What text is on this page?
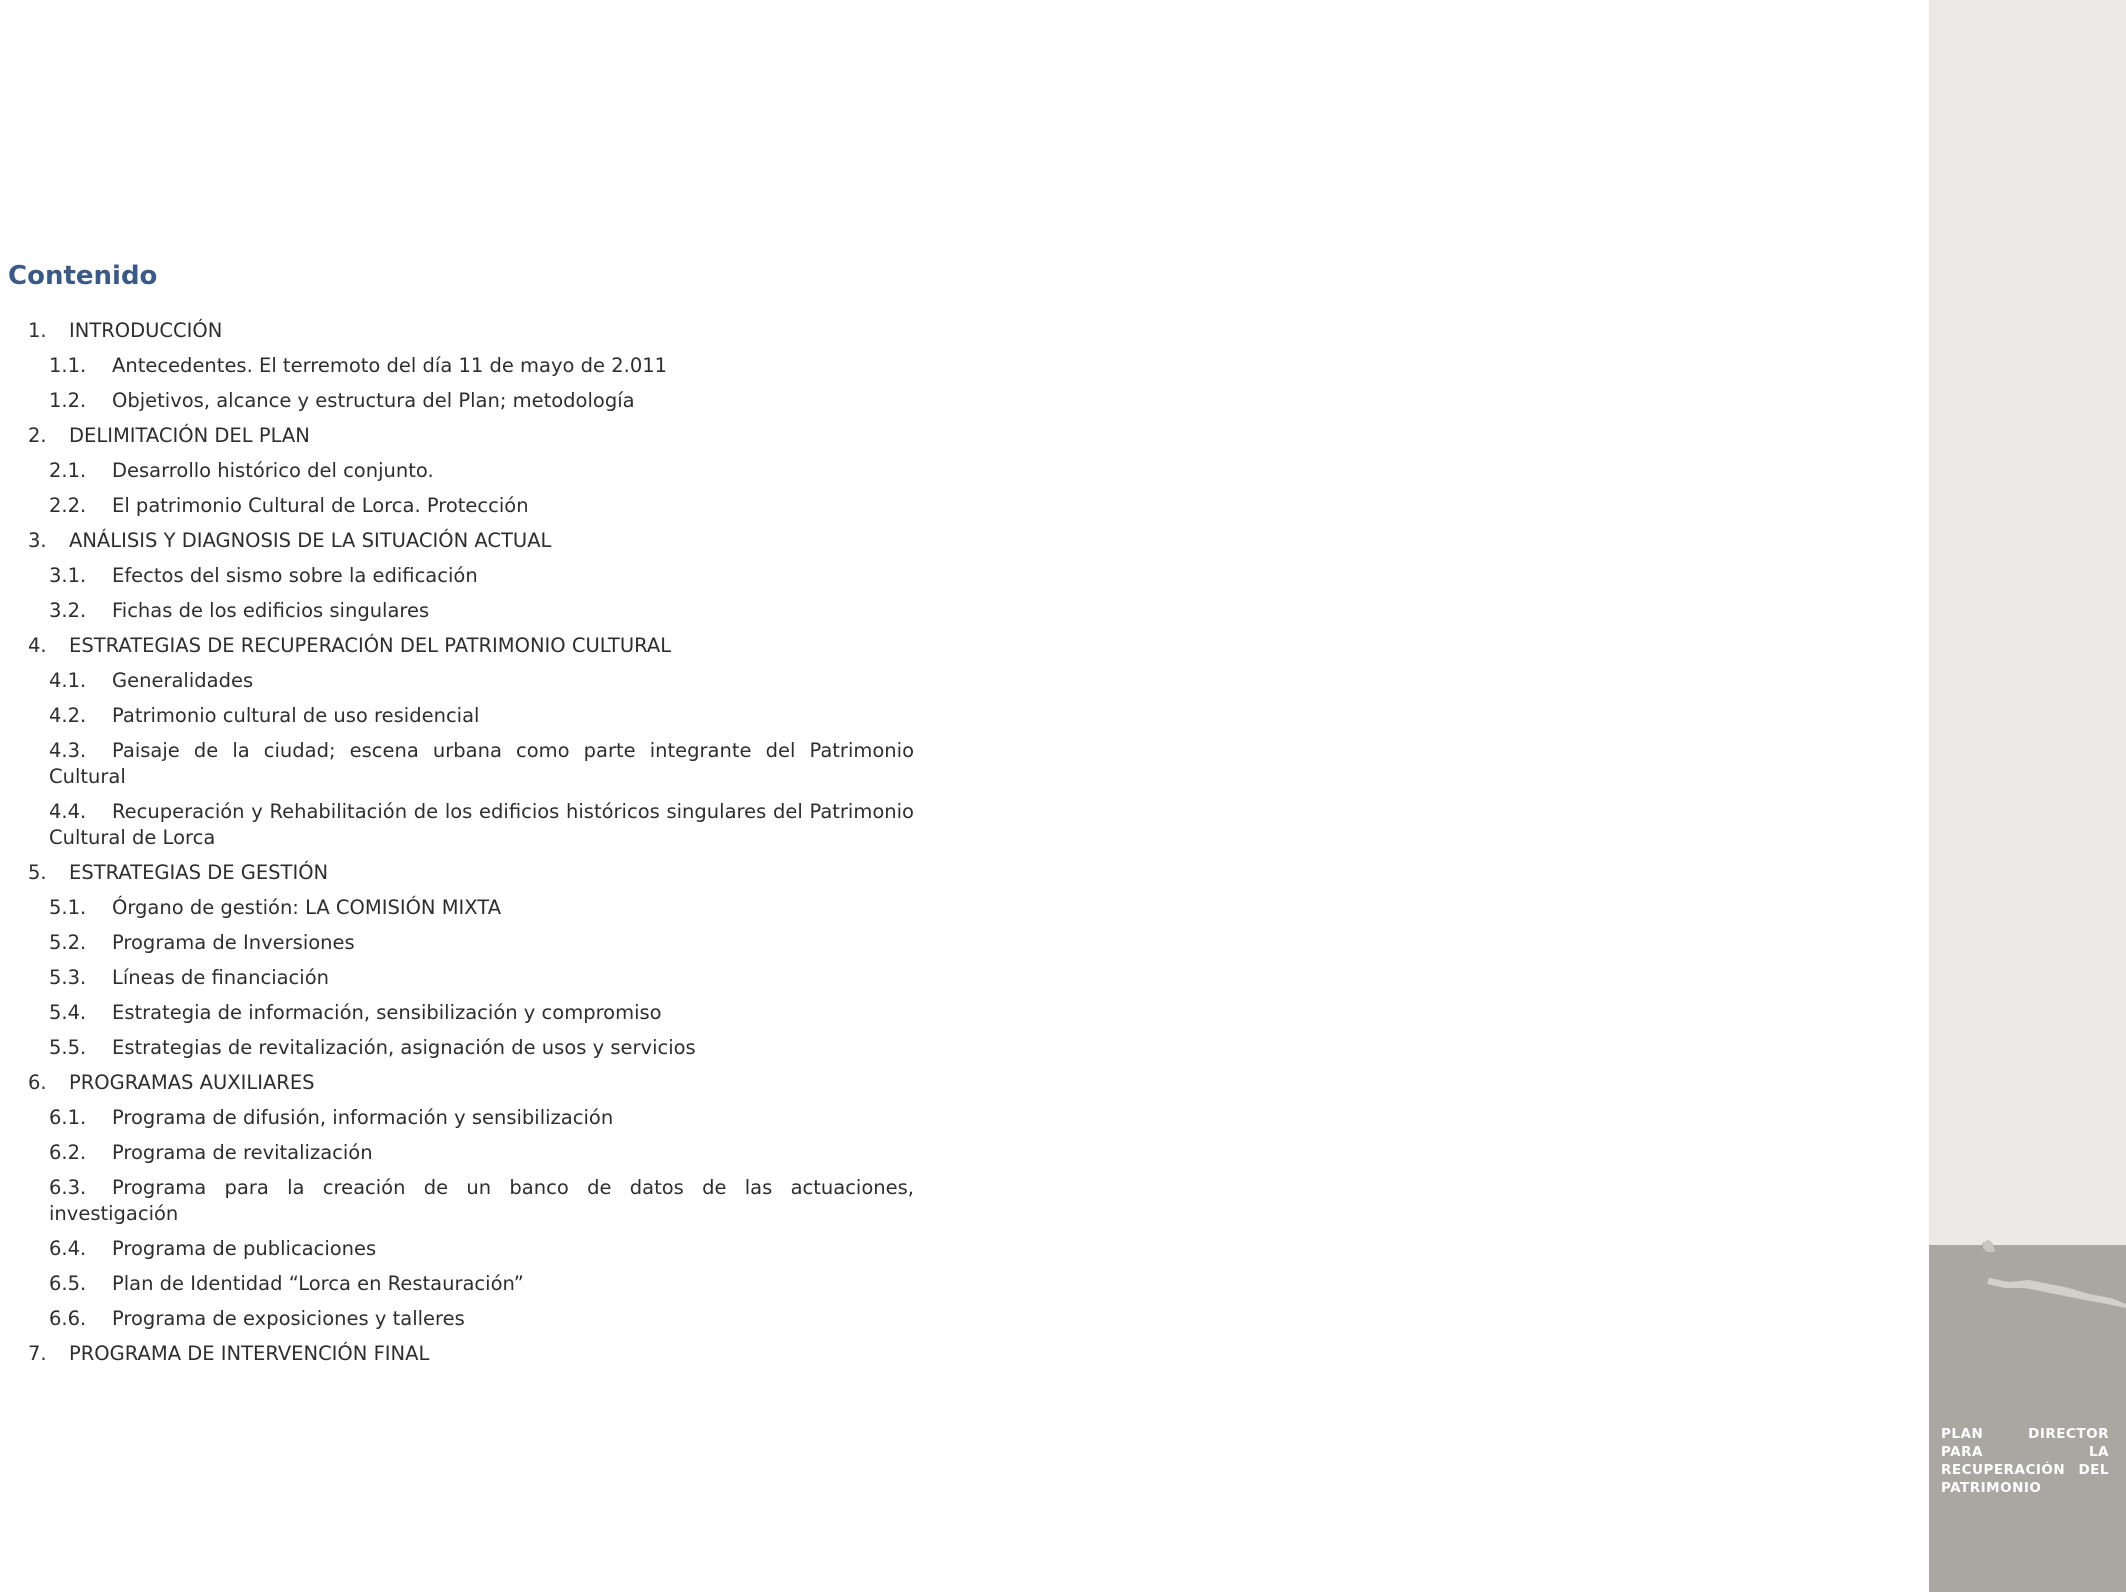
Contenido
1. INTRODUCCIÓN
1.1. Antecedentes. El terremoto del día 11 de mayo de 2.011
1.2. Objetivos, alcance y estructura del Plan; metodología
2. DELIMITACIÓN DEL PLAN
2.1. Desarrollo histórico del conjunto.
2.2. El patrimonio Cultural de Lorca. Protección
3. ANÁLISIS Y DIAGNOSIS DE LA SITUACIÓN ACTUAL
3.1. Efectos del sismo sobre la edificación
3.2. Fichas de los edificios singulares
4. ESTRATEGIAS DE RECUPERACIÓN DEL PATRIMONIO CULTURAL
4.1. Generalidades
4.2. Patrimonio cultural de uso residencial
4.3. Paisaje de la ciudad; escena urbana como parte integrante del Patrimonio Cultural
4.4. Recuperación y Rehabilitación de los edificios históricos singulares del Patrimonio Cultural de Lorca
5. ESTRATEGIAS DE GESTIÓN
5.1. Órgano de gestión: LA COMISIÓN MIXTA
5.2. Programa de Inversiones
5.3. Líneas de financiación
5.4. Estrategia de información, sensibilización y compromiso
5.5. Estrategias de revitalización, asignación de usos y servicios
6. PROGRAMAS AUXILIARES
6.1. Programa de difusión, información y sensibilización
6.2. Programa de revitalización
6.3. Programa para la creación de un banco de datos de las actuaciones, investigación
6.4. Programa de publicaciones
6.5. Plan de Identidad “Lorca en Restauración”
6.6. Programa de exposiciones y talleres
7. PROGRAMA DE INTERVENCIÓN FINAL
PLAN DIRECTOR PARA LA RECUPERACIÓN DEL PATRIMONIO
